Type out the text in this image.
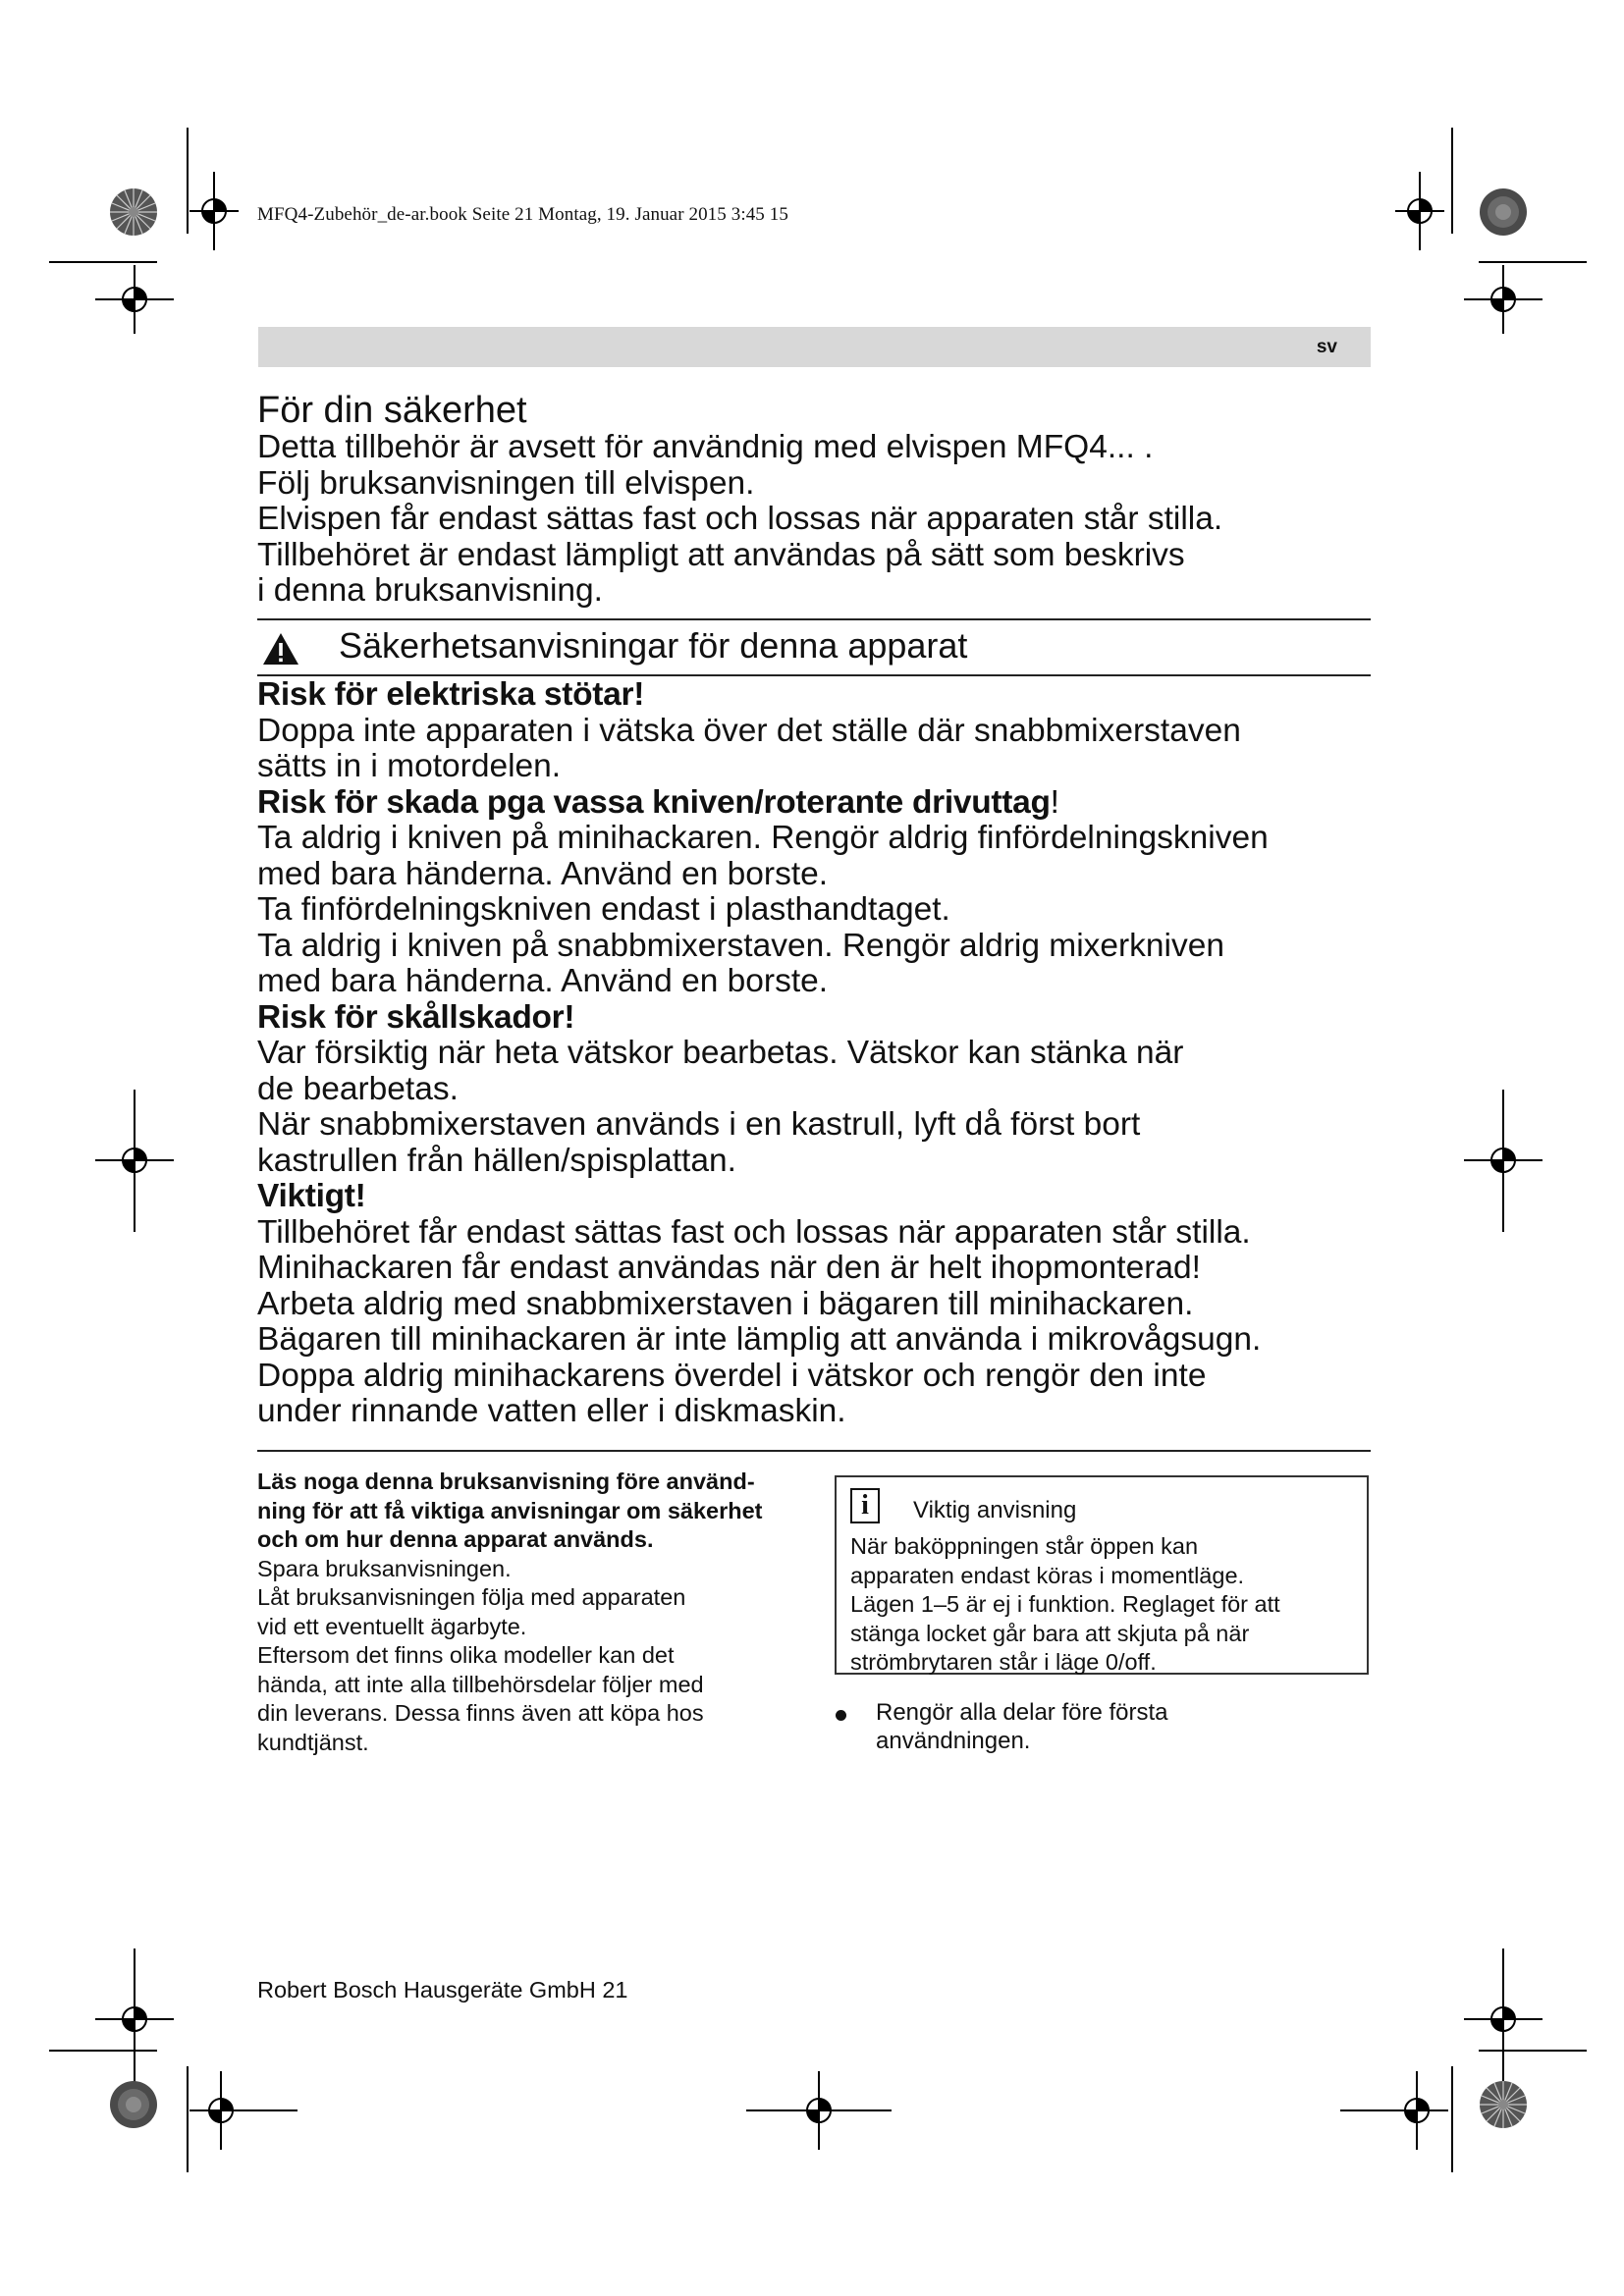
MFQ4-Zubehör_de-ar.book Seite 21 Montag, 19. Januar 2015 3:45 15
sv
För din säkerhet
Detta tillbehör är avsett för användnig med elvispen MFQ4... .
Följ bruksanvisningen till elvispen.
Elvispen får endast sättas fast och lossas när apparaten står stilla.
Tillbehöret är endast lämpligt att användas på sätt som beskrivs
i denna bruksanvisning.
Säkerhetsanvisningar för denna apparat
Risk för elektriska stötar!
Doppa inte apparaten i vätska över det ställe där snabbmixerstaven
sätts in i motordelen.
Risk för skada pga vassa kniven/roterante drivuttag!
Ta aldrig i kniven på minihackaren. Rengör aldrig finfördelningskniven
med bara händerna. Använd en borste.
Ta finfördelningskniven endast i plasthandtaget.
Ta aldrig i kniven på snabbmixerstaven. Rengör aldrig mixerkniven
med bara händerna. Använd en borste.
Risk för skållskador!
Var försiktig när heta vätskor bearbetas. Vätskor kan stänka när
de bearbetas.
När snabbmixerstaven används i en kastrull, lyft då först bort
kastrullen från hällen/spisplattan.
Viktigt!
Tillbehöret får endast sättas fast och lossas när apparaten står stilla.
Minihackaren får endast användas när den är helt ihopmonterad!
Arbeta aldrig med snabbmixerstaven i bägaren till minihackaren.
Bägaren till minihackaren är inte lämplig att använda i mikrovågsugn.
Doppa aldrig minihackarens överdel i vätskor och rengör den inte
under rinnande vatten eller i diskmaskin.
Läs noga denna bruksanvisning före använd-
ning för att få viktiga anvisningar om säkerhet
och om hur denna apparat används.
Spara bruksanvisningen.
Låt bruksanvisningen följa med apparaten
vid ett eventuellt ägarbyte.
Eftersom det finns olika modeller kan det
hända, att inte alla tillbehörsdelar följer med
din leverans. Dessa finns även att köpa hos
kundtjänst.
i	Viktig anvisning
När baköppningen står öppen kan
apparaten endast köras i momentläge.
Lägen 1–5 är ej i funktion. Reglaget för att
stänga locket går bara att skjuta på när
strömbrytaren står i läge 0/off.
Rengör alla delar före första
användningen.
Robert Bosch Hausgeräte GmbH 21
